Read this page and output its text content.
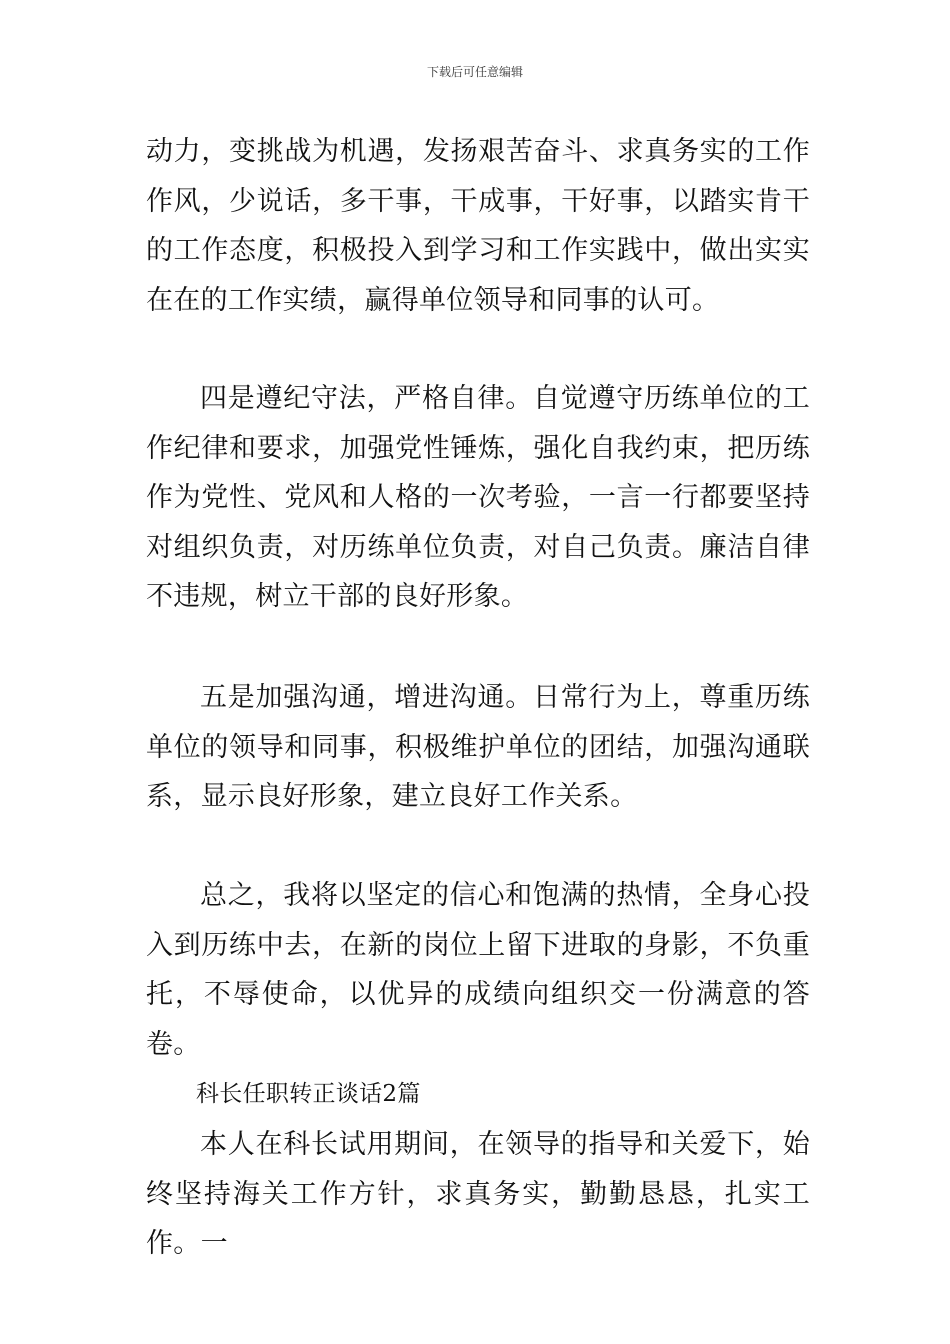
下载后可任意编辑

动力，变挑战为机遇，发扬艰苦奋斗、求真务实的工作作风，少说话，多干事，干成事，干好事，以踏实肯干的工作态度，积极投入到学习和工作实践中，做出实实在在的工作实绩，赢得单位领导和同事的认可。

四是遵纪守法，严格自律。自觉遵守历练单位的工作纪律和要求，加强党性锤炼，强化自我约束，把历练作为党性、党风和人格的一次考验，一言一行都要坚持对组织负责，对历练单位负责，对自己负责。廉洁自律不违规，树立干部的良好形象。

五是加强沟通，增进沟通。日常行为上，尊重历练单位的领导和同事，积极维护单位的团结，加强沟通联系，显示良好形象，建立良好工作关系。

总之，我将以坚定的信心和饱满的热情，全身心投入到历练中去，在新的岗位上留下进取的身影，不负重托，不辱使命，以优异的成绩向组织交一份满意的答卷。

科长任职转正谈话2篇

本人在科长试用期间，在领导的指导和关爱下，始终坚持海关工作方针，求真务实，勤勤恳恳，扎实工作。一
